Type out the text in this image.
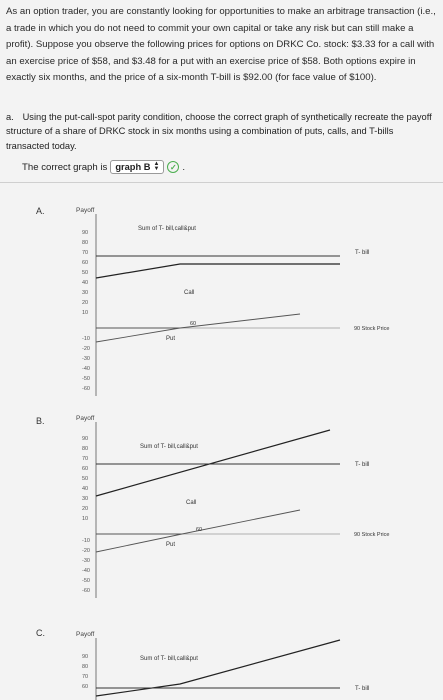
As an option trader, you are constantly looking for opportunities to make an arbitrage transaction (i.e., a trade in which you do not need to commit your own capital or take any risk but can still make a profit). Suppose you observe the following prices for options on DRKC Co. stock: $3.33 for a call with an exercise price of $58, and $3.48 for a put with an exercise price of $58. Both options expire in exactly six months, and the price of a six-month T-bill is $92.00 (for face value of $100).
a. Using the put-call-spot parity condition, choose the correct graph of synthetically recreate the payoff structure of a share of DRKC stock in six months using a combination of puts, calls, and T-bills transacted today.
The correct graph is graph B ▲
▼	✓ .
A.	Payoff
90
80
70
60
50
40
30
20
10
-10
-20
-30
-40
-50
-60
Sum of T- bill,call&put
T- bill
Call
Put
60
90 Stock Price
B.	Payoff
90
80
70
60
50
40
30
20
10
-10
-20
-30
-40
-50
-60
Sum of T- bill,call&put
T- bill
Call
Put
60
90 Stock Price
C.	Payoff
90
80
70
60
Sum of T- bill,call&put
T- bill
